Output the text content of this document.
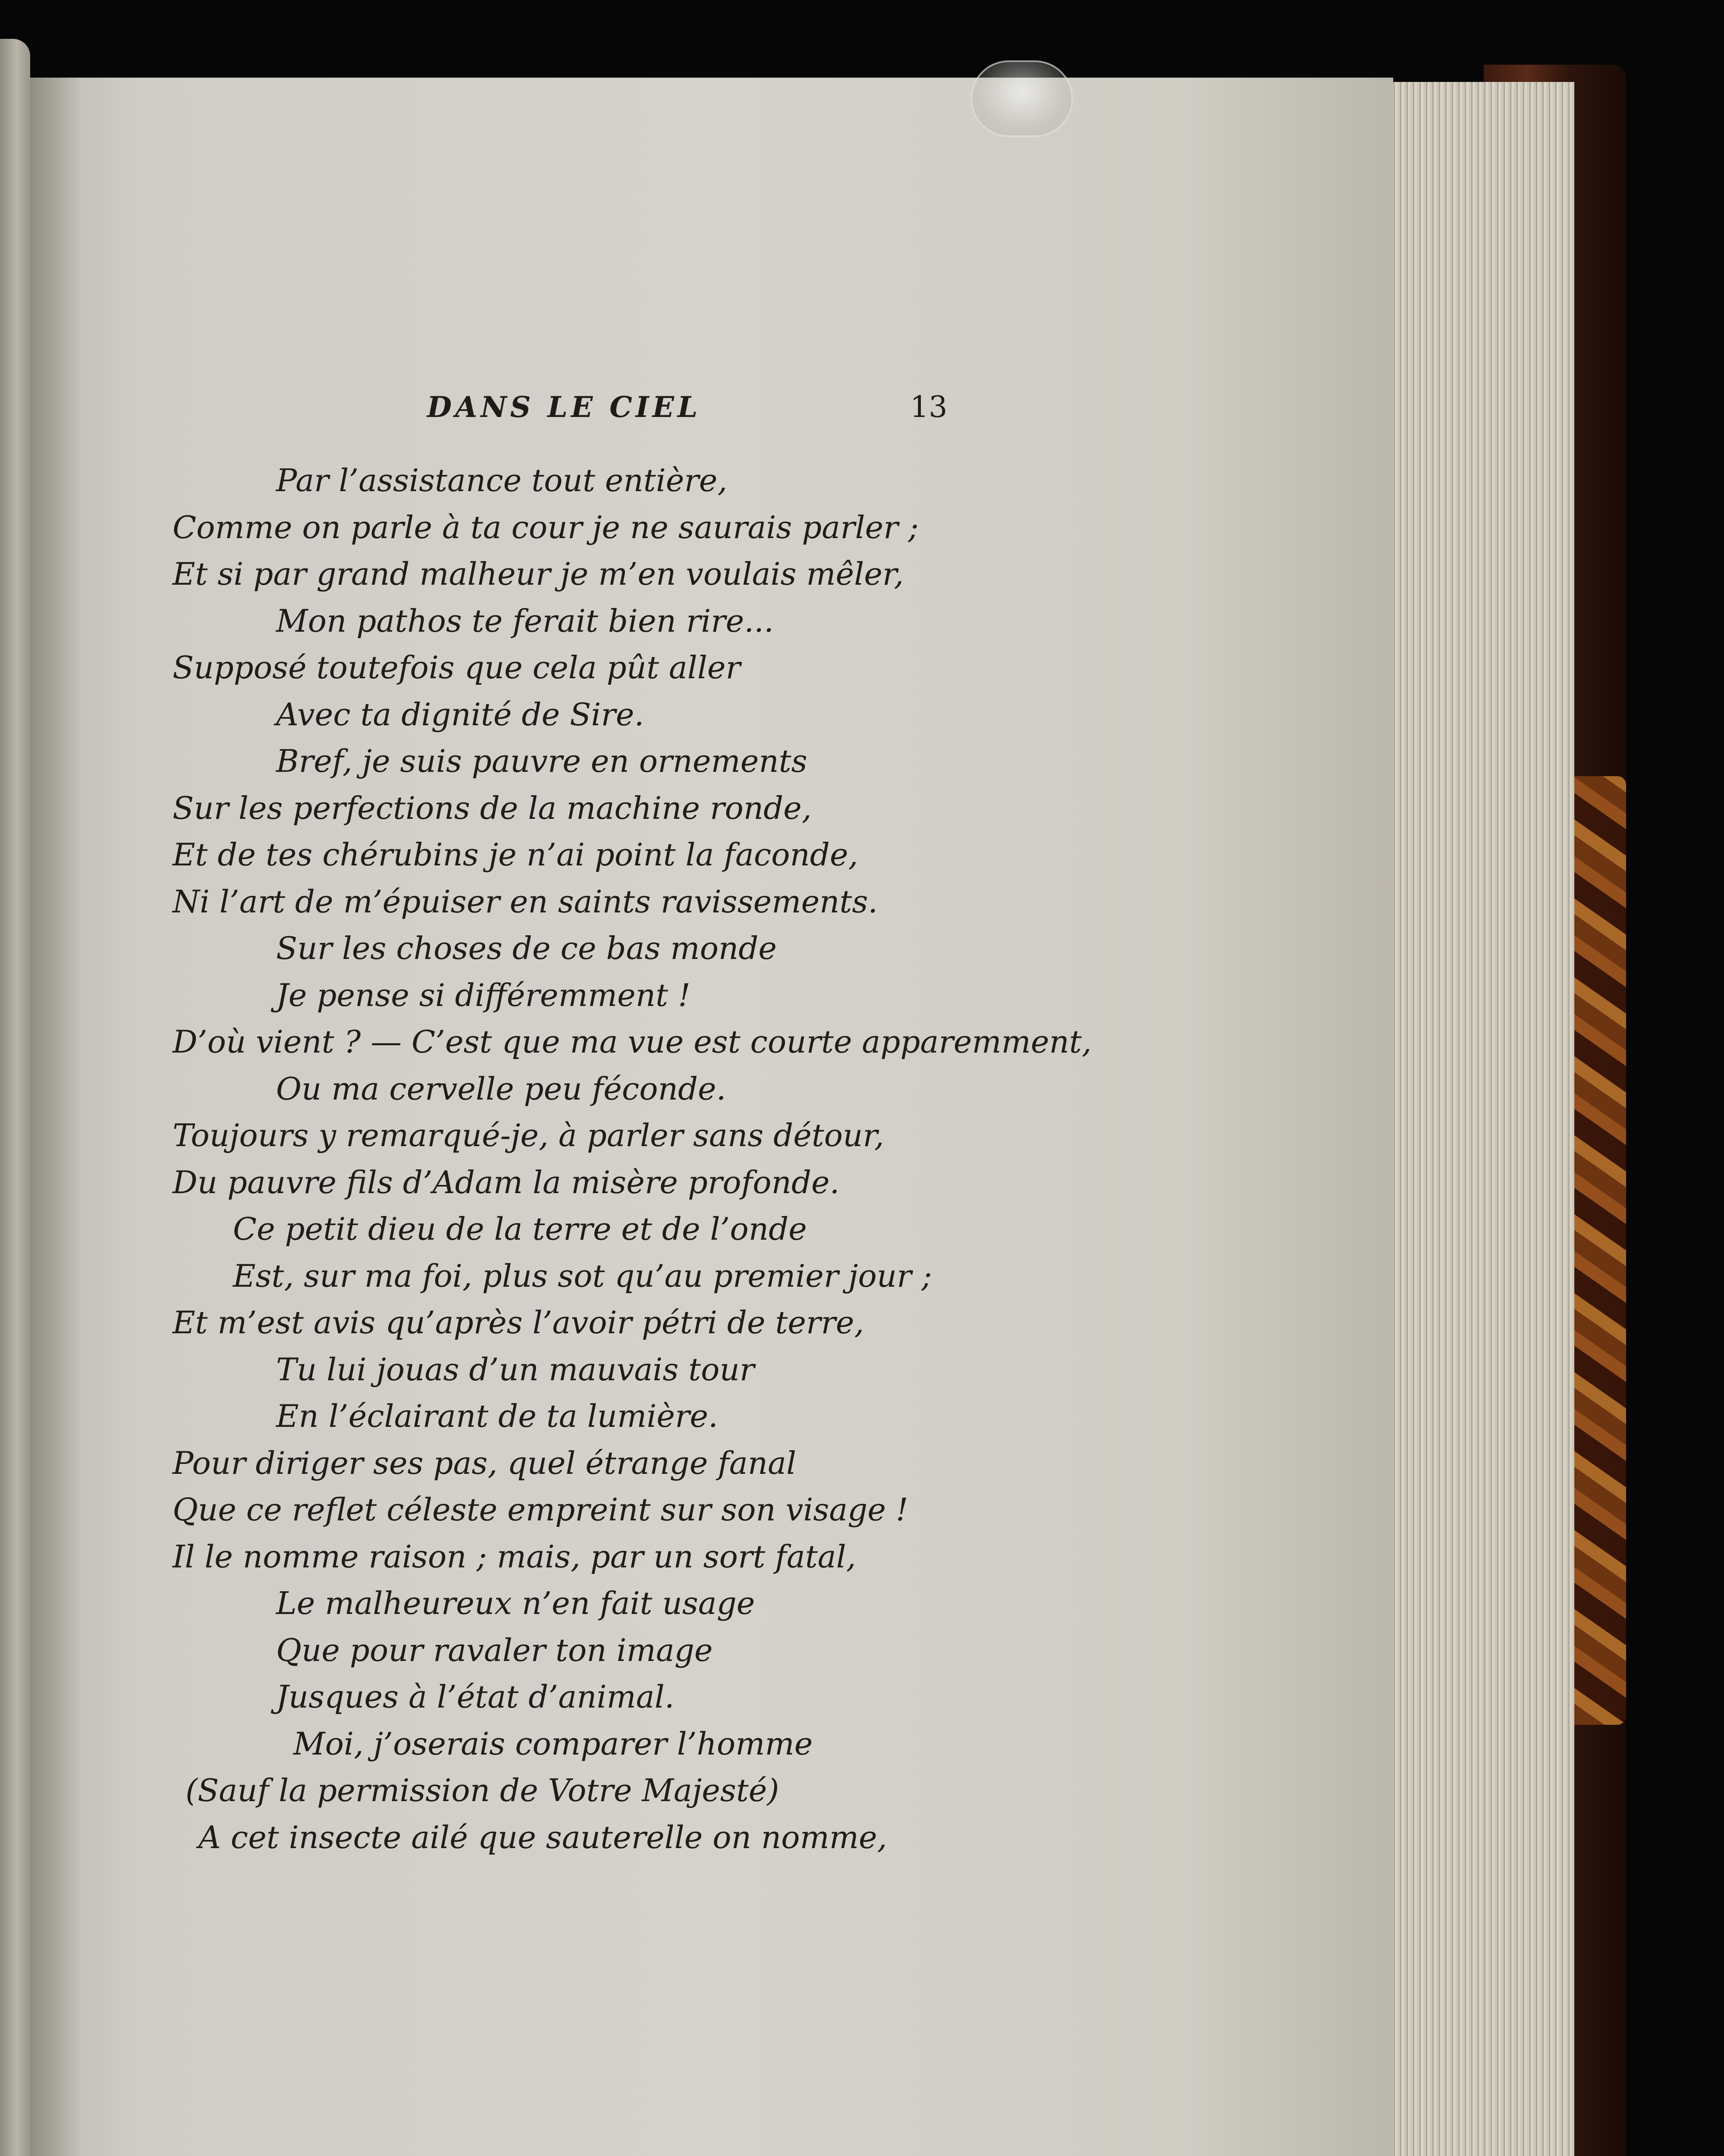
DANS LE CIEL	13
Par l’assistance tout entière,
Comme on parle à ta cour je ne saurais parler ;
Et si par grand malheur je m’en voulais mêler,
Mon pathos te ferait bien rire...
Supposé toutefois que cela pût aller
Avec ta dignité de Sire.
Bref, je suis pauvre en ornements
Sur les perfections de la machine ronde,
Et de tes chérubins je n’ai point la faconde,
Ni l’art de m’épuiser en saints ravissements.
Sur les choses de ce bas monde
Je pense si différemment !
D’où vient ? — C’est que ma vue est courte apparemment,
Ou ma cervelle peu féconde.
Toujours y remarqué-je, à parler sans détour,
Du pauvre fils d’Adam la misère profonde.
Ce petit dieu de la terre et de l’onde
Est, sur ma foi, plus sot qu’au premier jour ;
Et m’est avis qu’après l’avoir pétri de terre,
Tu lui jouas d’un mauvais tour
En l’éclairant de ta lumière.
Pour diriger ses pas, quel étrange fanal
Que ce reflet céleste empreint sur son visage !
Il le nomme raison ; mais, par un sort fatal,
Le malheureux n’en fait usage
Que pour ravaler ton image
Jusques à l’état d’animal.
Moi, j’oserais comparer l’homme
(Sauf la permission de Votre Majesté)
A cet insecte ailé que sauterelle on nomme,
